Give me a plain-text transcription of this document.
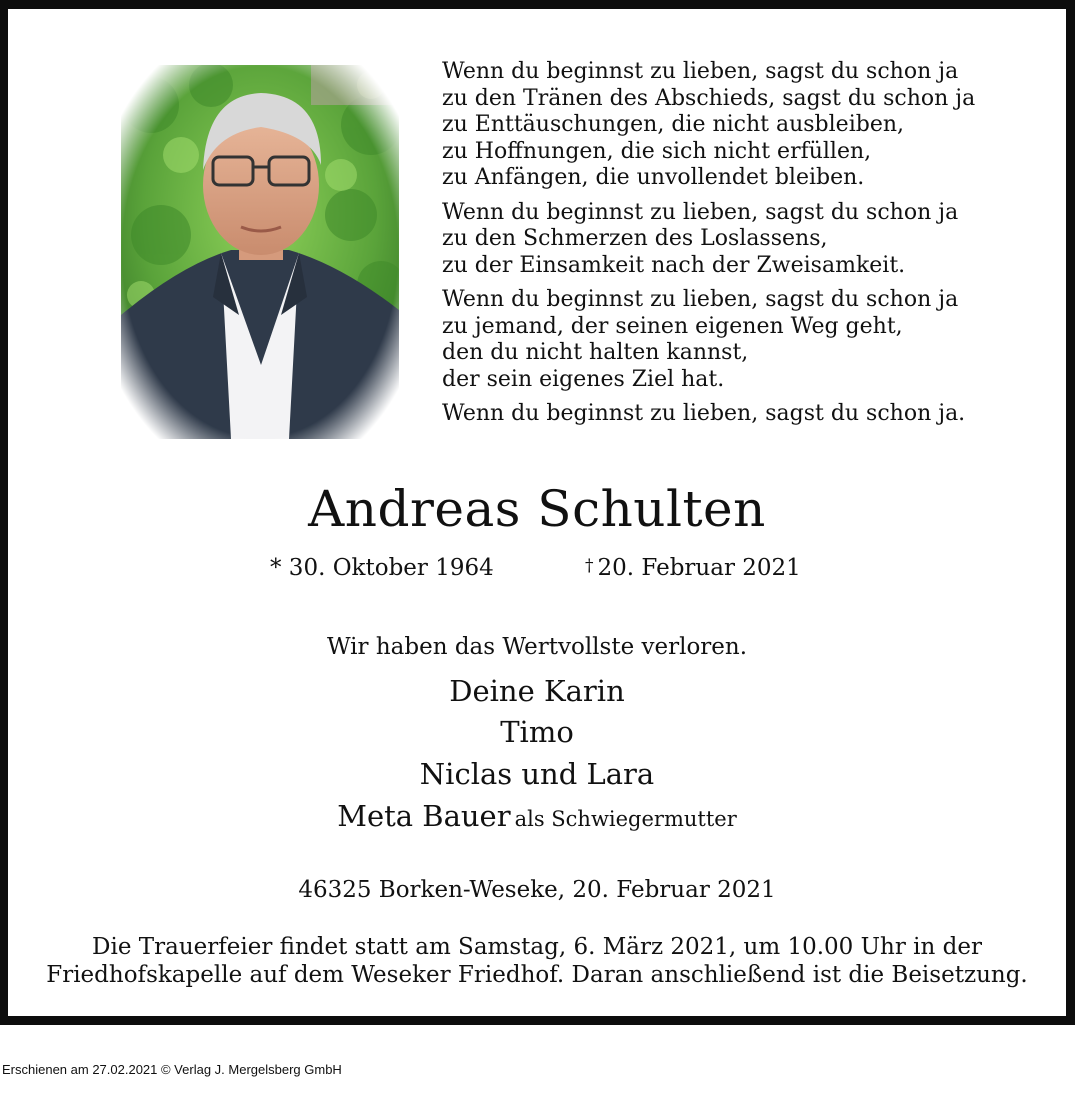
Wenn du beginnst zu lieben, sagst du schon ja
zu den Tränen des Abschieds, sagst du schon ja
zu Enttäuschungen, die nicht ausbleiben,
zu Hoffnungen, die sich nicht erfüllen,
zu Anfängen, die unvollendet bleiben.
Wenn du beginnst zu lieben, sagst du schon ja
zu den Schmerzen des Loslassens,
zu der Einsamkeit nach der Zweisamkeit.
Wenn du beginnst zu lieben, sagst du schon ja
zu jemand, der seinen eigenen Weg geht,
den du nicht halten kannst,
der sein eigenes Ziel hat.
Wenn du beginnst zu lieben, sagst du schon ja.
Andreas Schulten
* 30. Oktober 1964	† 20. Februar 2021
Wir haben das Wertvollste verloren.
Deine Karin
Timo
Niclas und Lara
Meta Bauer als Schwiegermutter
46325 Borken-Weseke, 20. Februar 2021
Die Trauerfeier findet statt am Samstag, 6. März 2021, um 10.00 Uhr in der
Friedhofskapelle auf dem Weseker Friedhof. Daran anschließend ist die Beisetzung.
Erschienen am 27.02.2021 © Verlag J. Mergelsberg GmbH
